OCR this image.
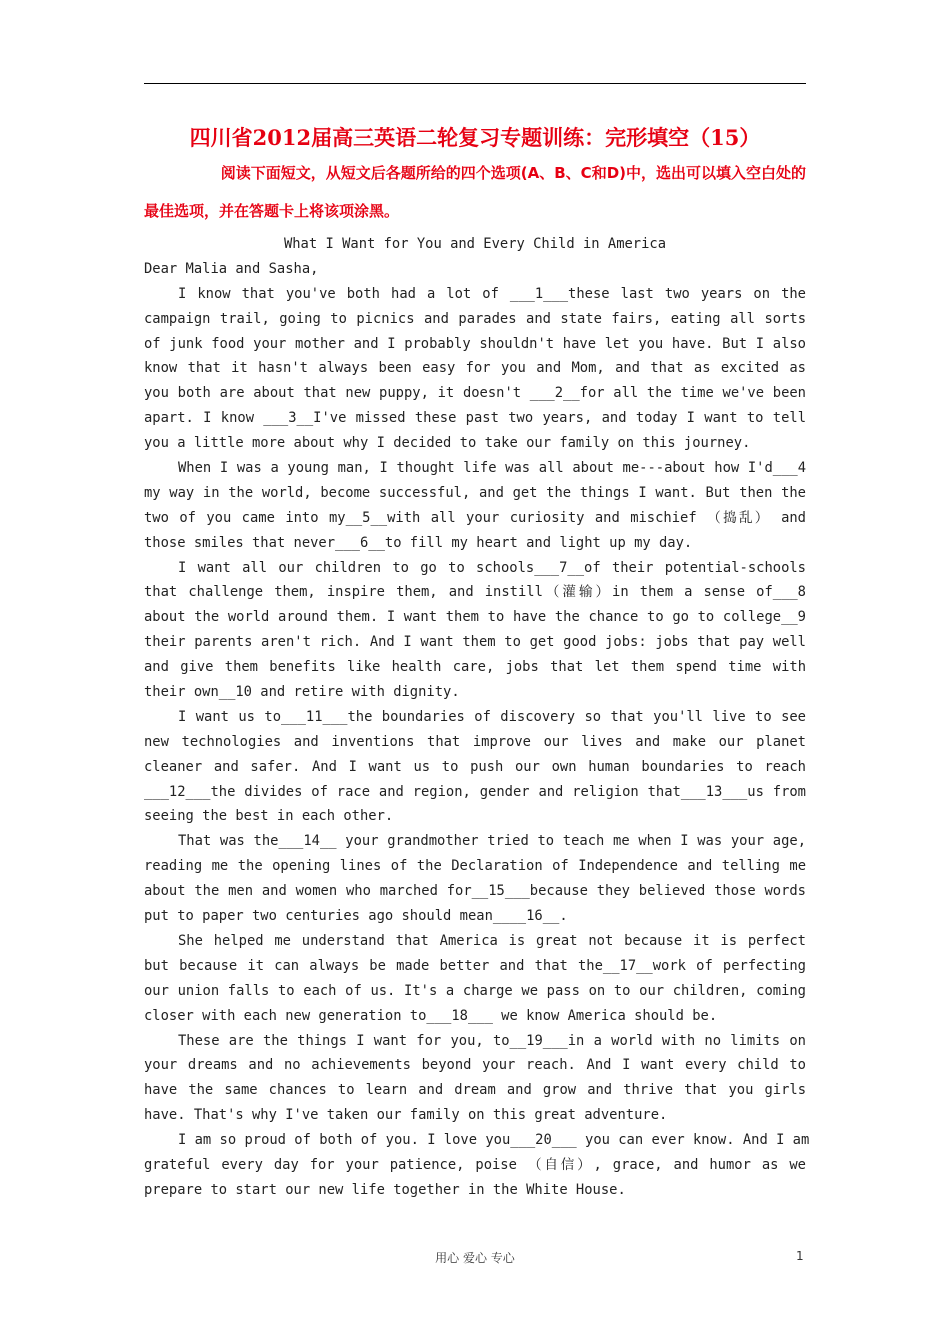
四川省2012届高三英语二轮复习专题训练：完形填空（15）
阅读下面短文，从短文后各题所给的四个选项(A、B、C和D)中，选出可以填入空白处的
最佳选项，并在答题卡上将该项涂黑。
What I Want for You and Every Child in America
Dear Malia and Sasha,
I know that you've both had a lot of ___1___these last two years on the
campaign trail, going to picnics and parades and state fairs, eating all sorts
of junk food your mother and I probably shouldn't have let you have. But I also
know that it hasn't always been easy for you and Mom, and that as excited as
you both are about that new puppy, it doesn't ___2__for all the time we've been
apart. I know ___3__I've missed these past two years, and today I want to tell
you a little more about why I decided to take our family on this journey.
When I was a young man, I thought life was all about me---about how I'd___4
my way in the world, become successful, and get the things I want. But then the
two of you came into my__5__with all your curiosity and mischief （捣乱） and
those smiles that never___6__to fill my heart and light up my day.
I want all our children to go to schools___7__of their potential-schools
that challenge them, inspire them, and instill（灌输）in them a sense of___8
about the world around them. I want them to have the chance to go to college__9
their parents aren't rich. And I want them to get good jobs: jobs that pay well
and give them benefits like health care, jobs that let them spend time with
their own__10 and retire with dignity.
I want us to___11___the boundaries of discovery so that you'll live to see
new technologies and inventions that improve our lives and make our planet
cleaner and safer. And I want us to push our own human boundaries to reach
___12___the divides of race and region, gender and religion that___13___us from
seeing the best in each other.
That was the___14__ your grandmother tried to teach me when I was your age,
reading me the opening lines of the Declaration of Independence and telling me
about the men and women who marched for__15___because they believed those words
put to paper two centuries ago should mean____16__.
She helped me understand that America is great not because it is perfect
but because it can always be made better and that the__17__work of perfecting
our union falls to each of us. It's a charge we pass on to our children, coming
closer with each new generation to___18___ we know America should be.
These are the things I want for you, to__19___in a world with no limits on
your dreams and no achievements beyond your reach. And I want every child to
have the same chances to learn and dream and grow and thrive that you girls
have. That's why I've taken our family on this great adventure.
I am so proud of both of you. I love you___20___ you can ever know. And I am
grateful every day for your patience, poise （自信）, grace, and humor as we
prepare to start our new life together in the White House.
用心 爱心 专心	1
